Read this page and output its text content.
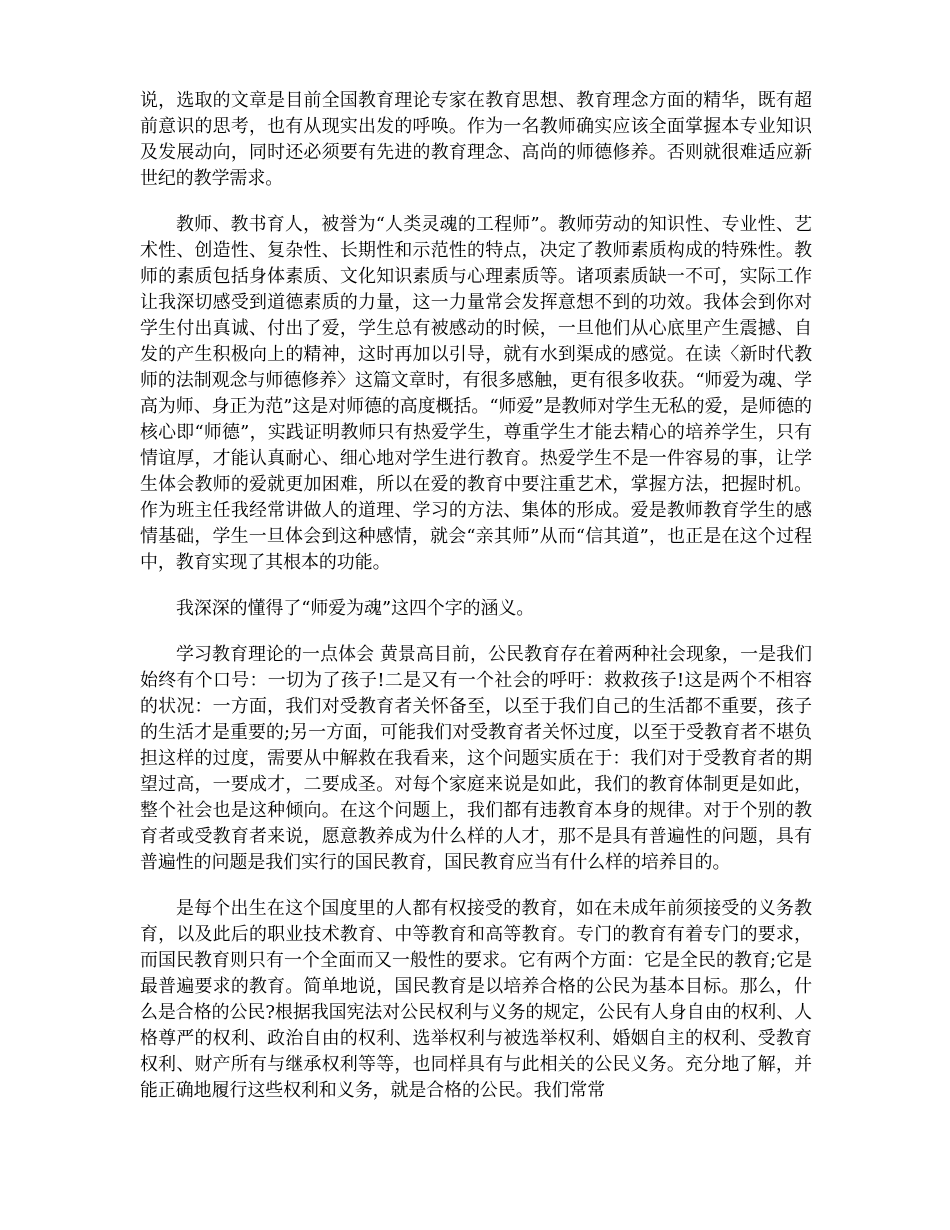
说，选取的文章是目前全国教育理论专家在教育思想、教育理念方面的精华，既有超前意识的思考，也有从现实出发的呼唤。作为一名教师确实应该全面掌握本专业知识及发展动向，同时还必须要有先进的教育理念、高尚的师德修养。否则就很难适应新世纪的教学需求。

教师、教书育人，被誉为“人类灵魂的工程师”。教师劳动的知识性、专业性、艺术性、创造性、复杂性、长期性和示范性的特点，决定了教师素质构成的特殊性。教师的素质包括身体素质、文化知识素质与心理素质等。诸项素质缺一不可，实际工作让我深切感受到道德素质的力量，这一力量常会发挥意想不到的功效。我体会到你对学生付出真诚、付出了爱，学生总有被感动的时候，一旦他们从心底里产生震撼、自发的产生积极向上的精神，这时再加以引导，就有水到渠成的感觉。在读〈新时代教师的法制观念与师德修养〉这篇文章时，有很多感触，更有很多收获。“师爱为魂、学高为师、身正为范”这是对师德的高度概括。“师爱”是教师对学生无私的爱，是师德的核心即“师德”，实践证明教师只有热爱学生，尊重学生才能去精心的培养学生，只有情谊厚，才能认真耐心、细心地对学生进行教育。热爱学生不是一件容易的事，让学生体会教师的爱就更加困难，所以在爱的教育中要注重艺术，掌握方法，把握时机。作为班主任我经常讲做人的道理、学习的方法、集体的形成。爱是教师教育学生的感情基础，学生一旦体会到这种感情，就会“亲其师”从而“信其道”，也正是在这个过程中，教育实现了其根本的功能。

我深深的懂得了“师爱为魂”这四个字的涵义。

学习教育理论的一点体会 黄景高目前，公民教育存在着两种社会现象，一是我们始终有个口号：一切为了孩子!二是又有一个社会的呼吁：救救孩子!这是两个不相容的状况：一方面，我们对受教育者关怀备至，以至于我们自己的生活都不重要，孩子的生活才是重要的;另一方面，可能我们对受教育者关怀过度，以至于受教育者不堪负担这样的过度，需要从中解救在我看来，这个问题实质在于：我们对于受教育者的期望过高，一要成才，二要成圣。对每个家庭来说是如此，我们的教育体制更是如此，整个社会也是这种倾向。在这个问题上，我们都有违教育本身的规律。对于个别的教育者或受教育者来说，愿意教养成为什么样的人才，那不是具有普遍性的问题，具有普遍性的问题是我们实行的国民教育，国民教育应当有什么样的培养目的。

是每个出生在这个国度里的人都有权接受的教育，如在未成年前须接受的义务教育，以及此后的职业技术教育、中等教育和高等教育。专门的教育有着专门的要求，而国民教育则只有一个全面而又一般性的要求。它有两个方面：它是全民的教育;它是最普遍要求的教育。简单地说，国民教育是以培养合格的公民为基本目标。那么，什么是合格的公民?根据我国宪法对公民权利与义务的规定，公民有人身自由的权利、人格尊严的权利、政治自由的权利、选举权利与被选举权利、婚姻自主的权利、受教育权利、财产所有与继承权利等等，也同样具有与此相关的公民义务。充分地了解，并能正确地履行这些权利和义务，就是合格的公民。我们常常
